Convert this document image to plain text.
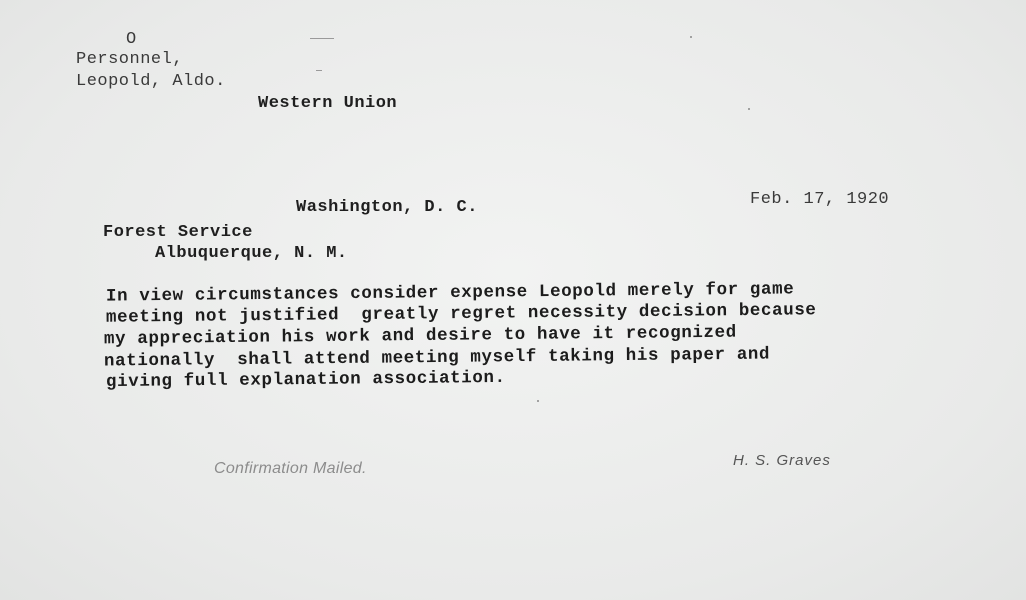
O
Personnel,
Leopold, Aldo.
Western Union
Washington, D. C.	Feb. 17, 1920
Forest Service
Albuquerque, N. M.
In view circumstances consider expense Leopold merely for game
meeting not justified  greatly regret necessity decision because
my appreciation his work and desire to have it recognized
nationally  shall attend meeting myself taking his paper and
giving full explanation association.
Confirmation Mailed.	H. S. Graves
